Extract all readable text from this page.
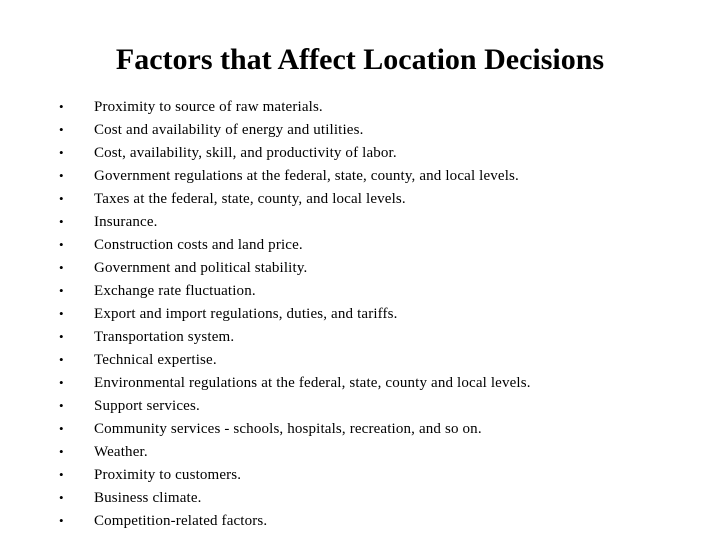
Factors that Affect Location Decisions
•	Proximity to source of raw materials.
•	Cost and availability of energy and utilities.
•	Cost, availability, skill, and productivity of labor.
•	Government regulations at the federal, state, county, and local levels.
•	Taxes at the federal, state, county, and local levels.
•	Insurance.
•	Construction costs and land price.
•	Government and political stability.
•	Exchange rate fluctuation.
•	Export and import regulations, duties, and tariffs.
•	Transportation system.
•	Technical expertise.
•	Environmental regulations at the federal, state, county and local levels.
•	Support services.
•	Community services - schools, hospitals, recreation, and so on.
•	Weather.
•	Proximity to customers.
•	Business climate.
•	Competition-related factors.
